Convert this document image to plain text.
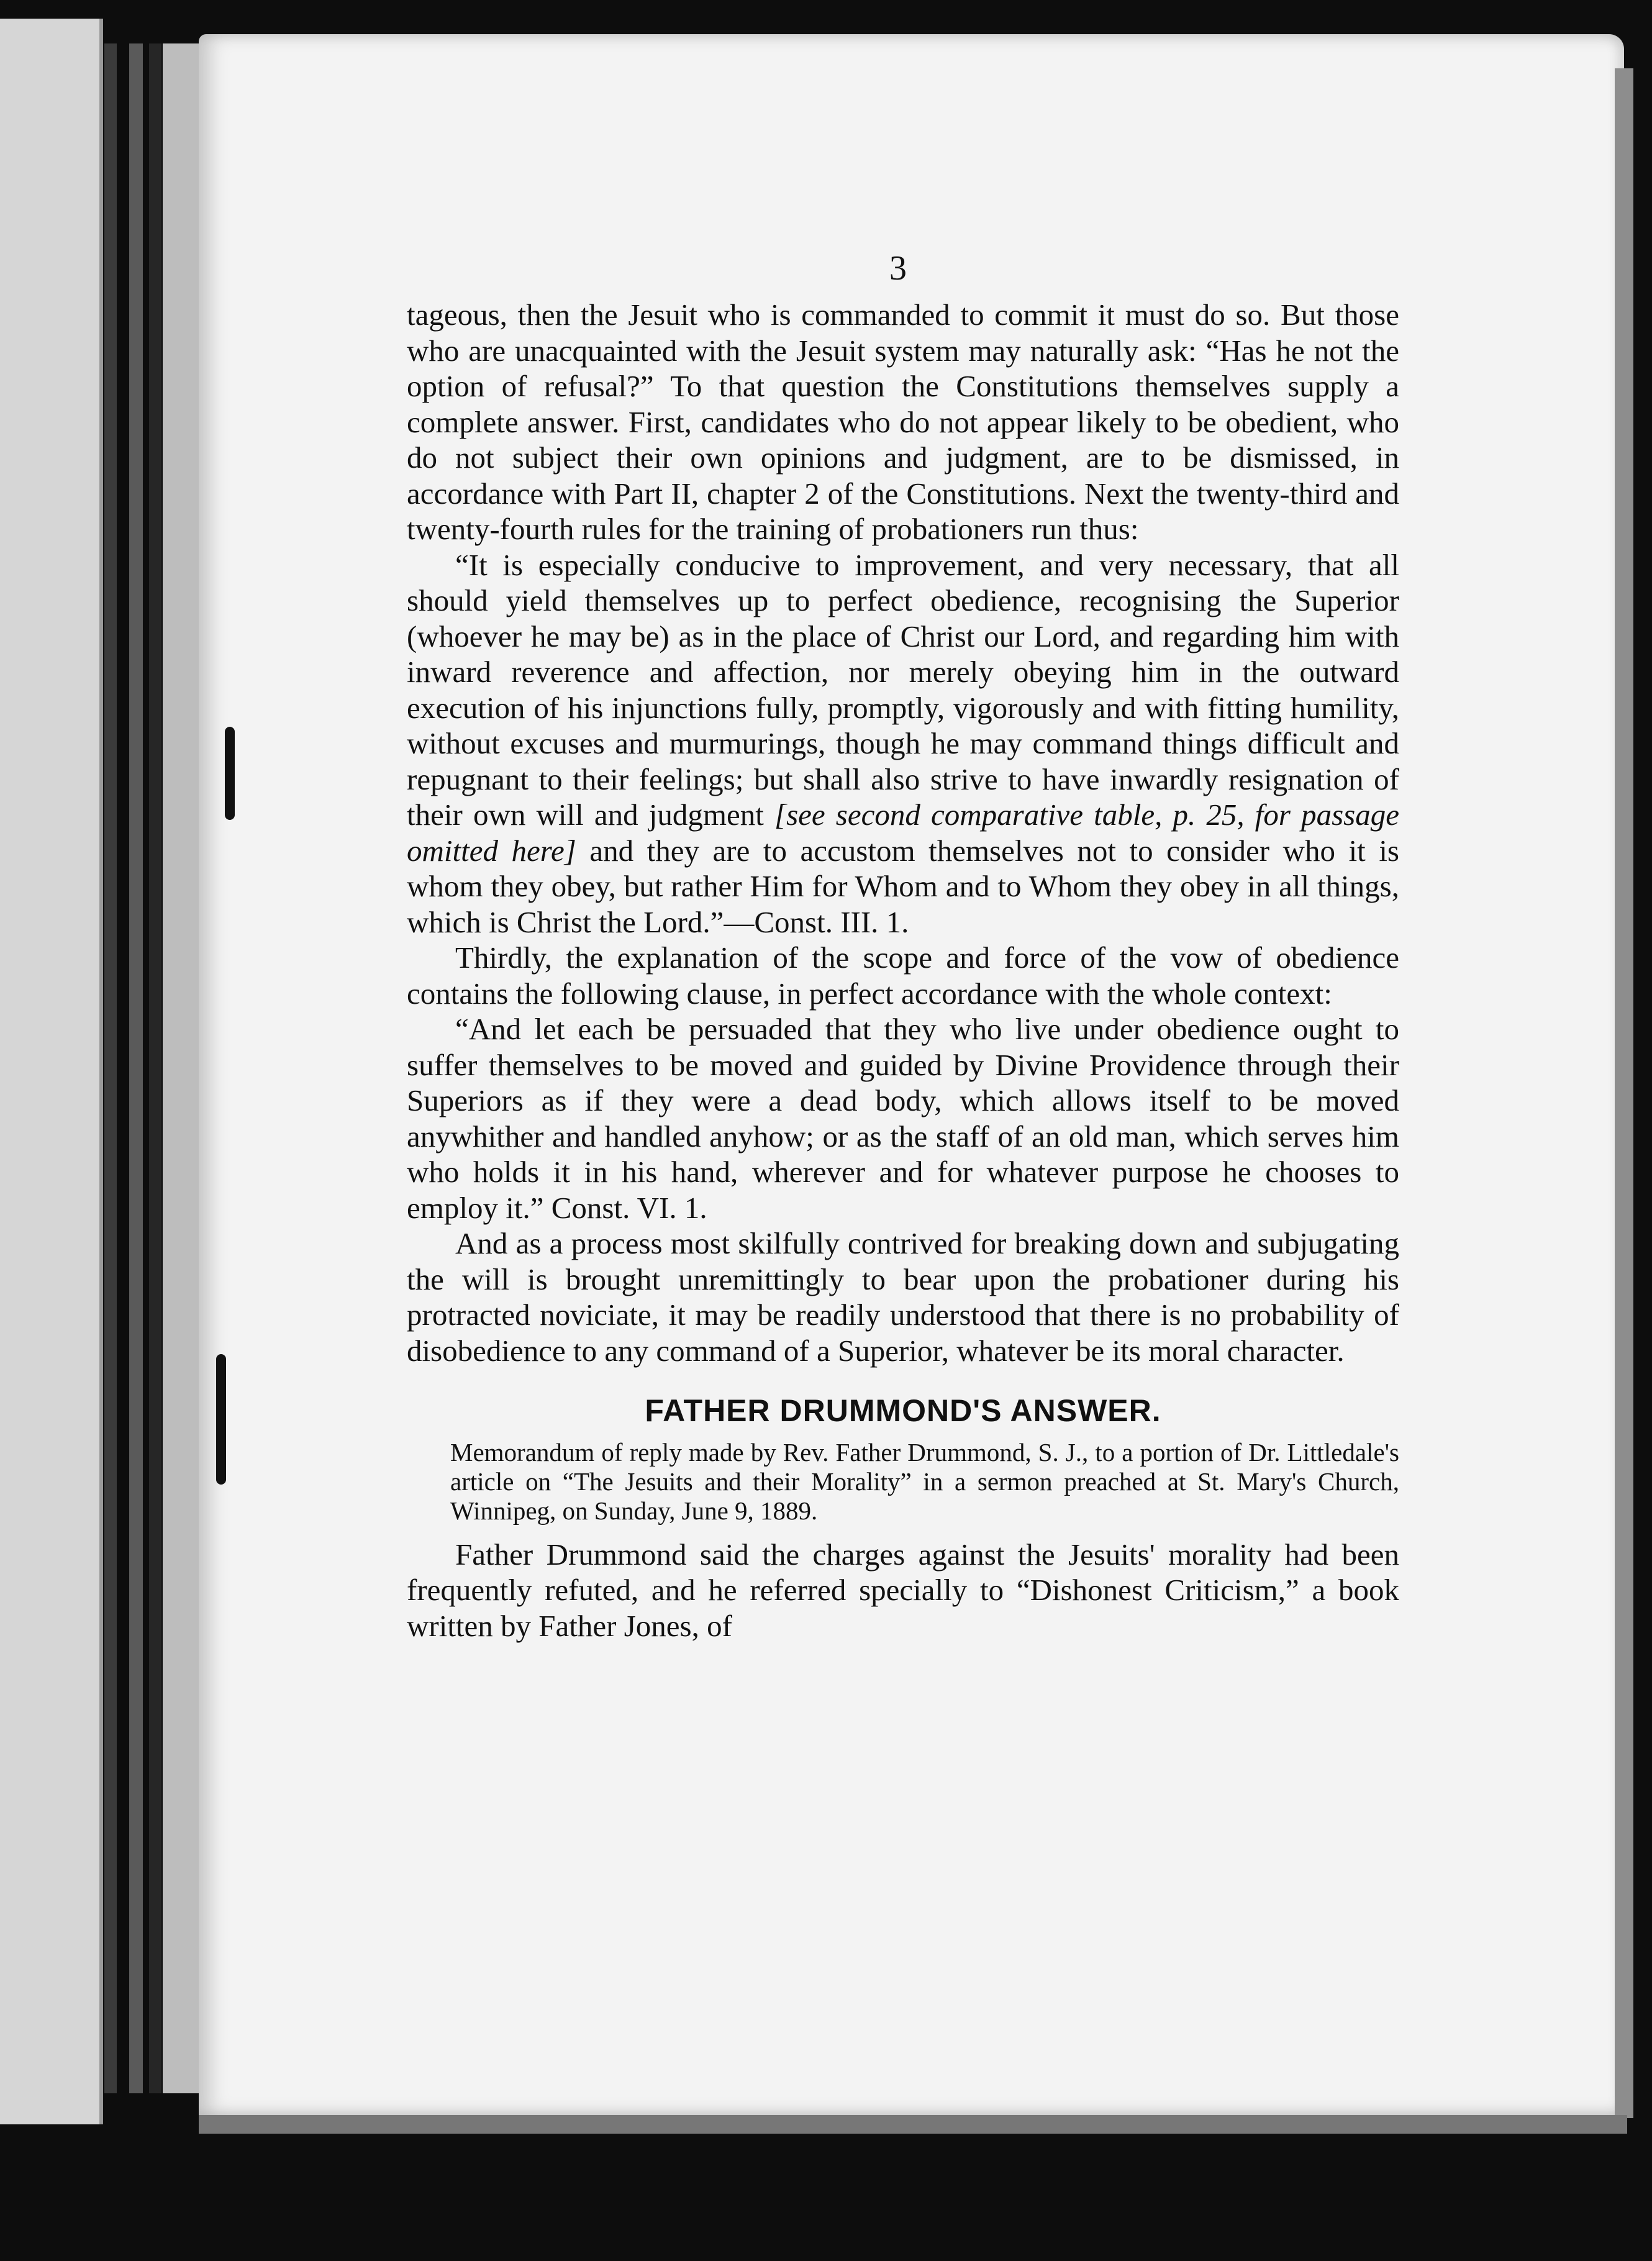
3

tageous, then the Jesuit who is commanded to commit it must do so. But those who are unacquainted with the Jesuit system may naturally ask: “Has he not the option of refusal?” To that question the Constitutions themselves supply a complete answer. First, candidates who do not appear likely to be obedient, who do not subject their own opinions and judgment, are to be dismissed, in accordance with Part II, chapter 2 of the Constitutions. Next the twenty-third and twenty-fourth rules for the training of probationers run thus:

“It is especially conducive to improvement, and very necessary, that all should yield themselves up to perfect obedience, recognising the Superior (whoever he may be) as in the place of Christ our Lord, and regarding him with inward reverence and affection, nor merely obeying him in the outward execution of his injunctions fully, promptly, vigorously and with fitting humility, without excuses and murmurings, though he may command things difficult and repugnant to their feelings; but shall also strive to have inwardly resignation of their own will and judgment [see second comparative table, p. 25, for passage omitted here] and they are to accustom themselves not to consider who it is whom they obey, but rather Him for Whom and to Whom they obey in all things, which is Christ the Lord.”—Const. III. 1.

Thirdly, the explanation of the scope and force of the vow of obedience contains the following clause, in perfect accordance with the whole context:

“And let each be persuaded that they who live under obedience ought to suffer themselves to be moved and guided by Divine Providence through their Superiors as if they were a dead body, which allows itself to be moved anywhither and handled anyhow; or as the staff of an old man, which serves him who holds it in his hand, wherever and for whatever purpose he chooses to employ it.” Const. VI. 1.

And as a process most skilfully contrived for breaking down and subjugating the will is brought unremittingly to bear upon the probationer during his protracted noviciate, it may be readily understood that there is no probability of disobedience to any command of a Superior, whatever be its moral character.

FATHER DRUMMOND'S ANSWER.

Memorandum of reply made by Rev. Father Drummond, S. J., to a portion of Dr. Littledale's article on “The Jesuits and their Morality” in a sermon preached at St. Mary's Church, Winnipeg, on Sunday, June 9, 1889.

Father Drummond said the charges against the Jesuits' morality had been frequently refuted, and he referred specially to “Dishonest Criticism,” a book written by Father Jones, of
